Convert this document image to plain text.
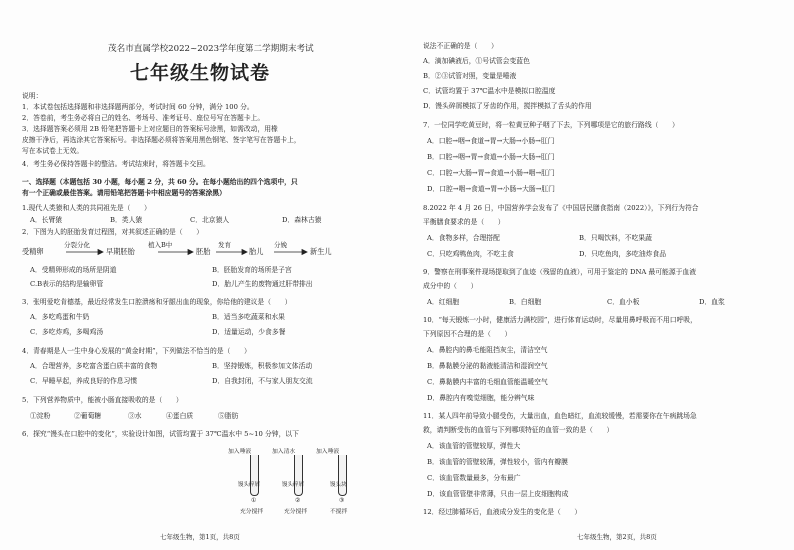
茂名市直属学校2022~2023学年度第二学期期末考试
七年级生物试卷
说明：
1．本试卷包括选择题和非选择题两部分，考试时间 60 分钟，满分 100 分。
2．答卷前，考生务必将自己的姓名、考场号、准考证号、座位号写在答题卡上。
3．选择题答案必须用 2B 铅笔把答题卡上对应题目的答案标号涂黑，如需改动，用橡
皮擦干净后，再选涂其它答案标号。非选择题必须将答案用黑色钢笔、签字笔写在答题卡上，
写在本试卷上无效。
4．考生务必保持答题卡的整洁。考试结束时，将答题卡交回。
一、选择题（本题包括 30 小题，每小题 2 分，共 60 分。在每小题给出的四个选项中，只
有一个正确或最佳答案。请用铅笔把答题卡中相应题号的答案涂黑）
1.现代人类猿和人类的共同祖先是（　　）
A．长臂猿	B．类人猿	C．北京猿人	D．森林古猿
2．下图为人的胚胎发育过程图，对其叙述正确的是（　　）
受精卵
分裂分化
早期胚胎
植入B中
胚胎
发育
胎儿
分娩
新生儿
A．受精卵形成的场所是阴道	B．胚胎发育的场所是子宫
C.B表示的结构是输卵管	D．胎儿产生的废物通过肝带排出
3．张明爱吃肯德基，最近经常发生口腔溃疡和牙龈出血的现象，你给他的建议是（　　）
A．多吃鸡蛋和牛奶	B．适当多吃蔬菜和水果
C．多吃炸鸡，多喝鸡汤	D．适量运动，少食多餐
4．青春期是人一生中身心发展的“黄金时期”，下列做法不恰当的是（　　）
A．合理营养，多吃富含蛋白质丰富的食物	B．坚持锻炼，积极参加文体活动
C．早睡早起，养成良好的作息习惯	D．自我封闭，不与家人朋友交流
5．下列营养物质中，能被小肠直接吸收的是（　　）
①淀粉	②葡萄糖	③水	④蛋白质	⑤脂肪
6．探究“馒头在口腔中的变化”，实验设计如图，试管均置于 37℃温水中 5~10 分钟，以下
加入唾液	加入清水	加入唾液
馒头碎屑	馒头碎屑	馒头块
①	②	③
充分搅拌	充分搅拌	不搅拌
七年级生物，第1页，共8页
说法不正确的是（　　）
A．滴加碘液后，①号试管会变蓝色
B．②③试管对照，变量是唾液
C．试管均置于 37℃温水中是模拟口腔温度
D．馒头碎屑模拟了牙齿的作用，搅拌模拟了舌头的作用
7．一位同学吃黄豆时，将一粒黄豆种子咽了下去，下列哪项是它的旅行路线（　　）
A．口腔→咽→食道→胃→大肠→小肠→肛门
B．口腔→咽→胃→食道→小肠→大肠→肛门
C．口腔→大肠→胃→食道→小肠→咽→肛门
D．口腔→咽→食道→胃→小肠→大肠→肛门
8.2022 年 4 月 26 日，中国营养学会发布了《中国居民膳食指南（2022）》，下列行为符合
平衡膳食要求的是（　　）
A．食物多样，合理搭配	B．只喝饮料，不吃果蔬
C．只吃鸡鸭鱼肉，不吃主食	D．只吃鱼肉，多吃油炸食品
9．警察在刑事案件现场提取到了血迹（残留的血液），可用于鉴定的 DNA 最可能源于血液
成分中的（　　）
A．红细胞	B．白细胞	C．血小板	D．血浆
10．“每天锻炼一小时，健康活力满校园”，进行体育运动时，尽量用鼻呼吸而不用口呼吸，
下列原因不合理的是（　　）
A．鼻腔内的鼻毛能阻挡灰尘，清洁空气
B．鼻黏膜分泌的黏液能清洁和湿润空气
C．鼻黏膜内丰富的毛细血管能温暖空气
D．鼻腔内有嗅觉细胞，能分辨气味
11．某人四年前导致小腿受伤，大量出血，血色暗红，血流较缓慢，若需要你在午病跳场急
救，请判断受伤的血管与下列哪项特征的血管一致的是（　　）
A．该血管的管壁较厚，弹性大
B．该血管的管壁较薄，弹性较小，管内有瓣膜
C．该血管数量最多，分布最广
D．该血管管壁非常薄，只由一层上皮细胞构成
12．经过肺循环后，血液成分发生的变化是（　　）
七年级生物，第2页，共8页
